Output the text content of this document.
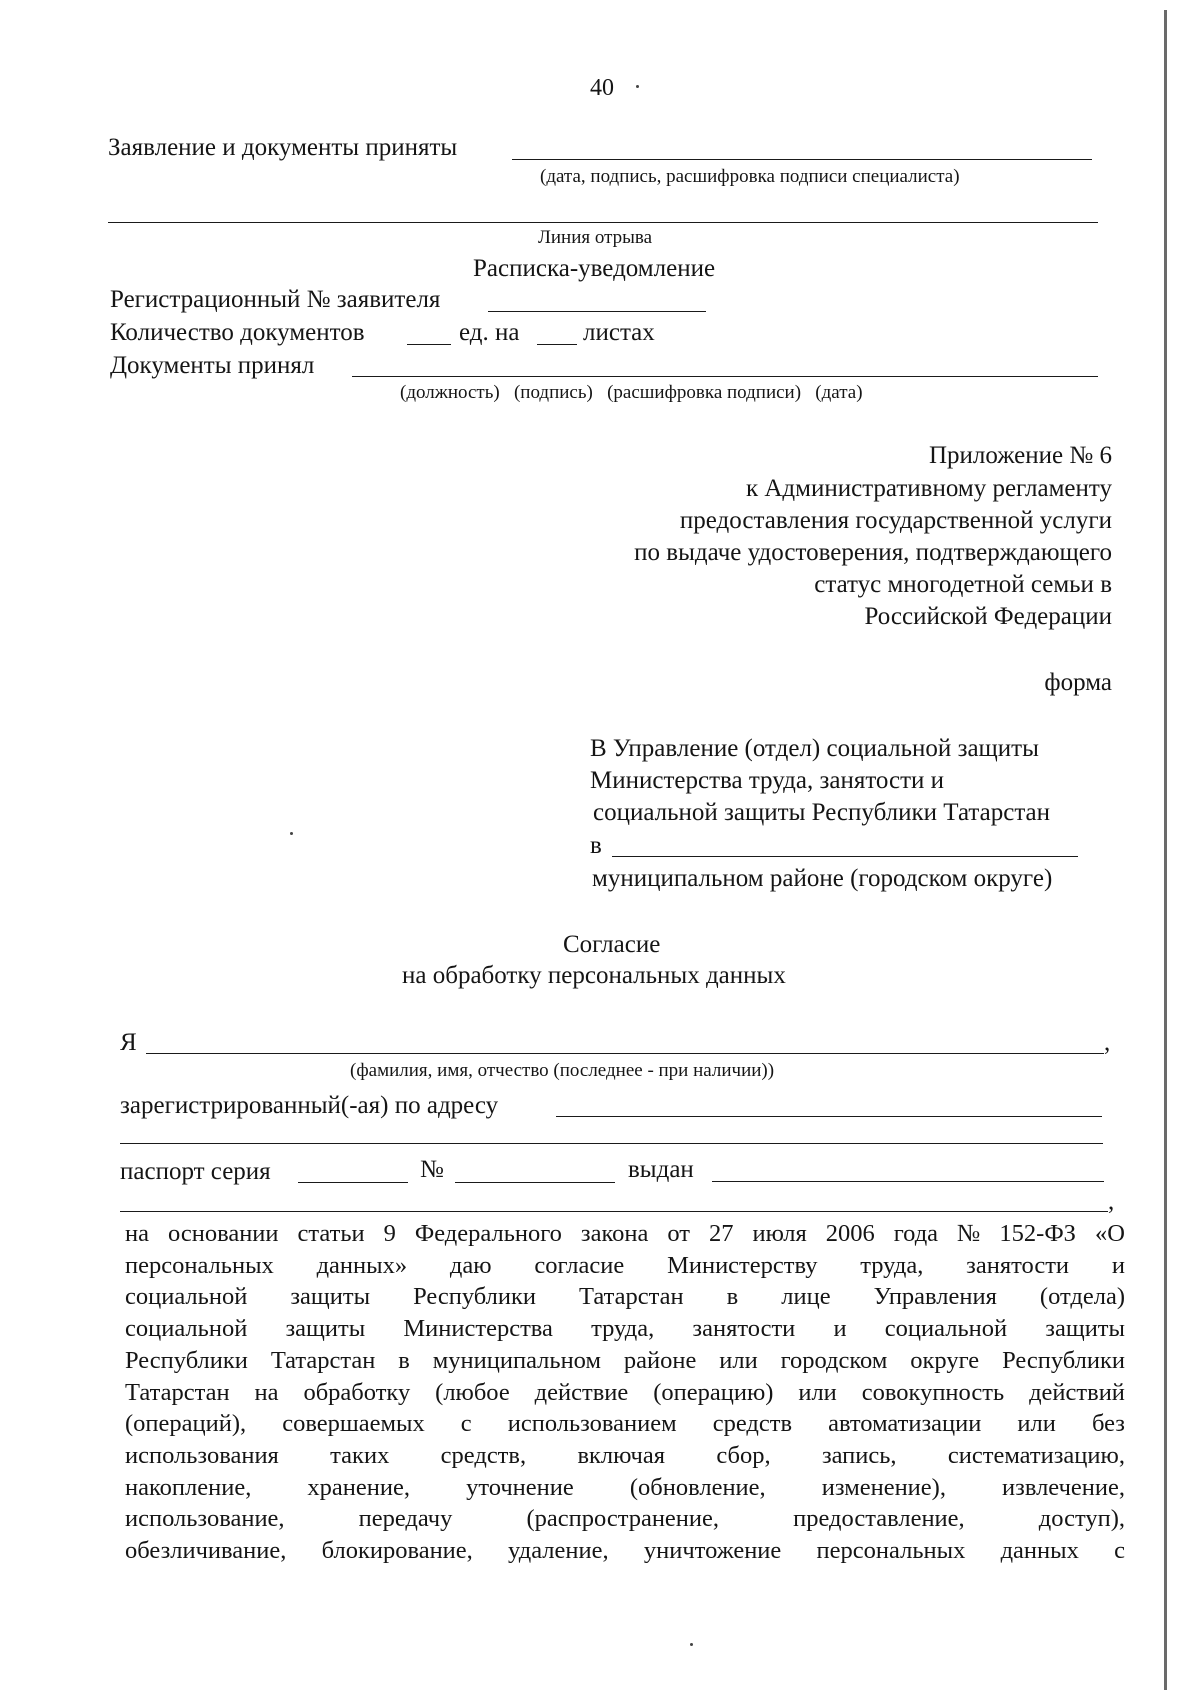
40
Заявление и документы приняты
(дата, подпись, расшифровка подписи специалиста)
Линия отрыва
Расписка-уведомление
Регистрационный № заявителя
Количество документов	ед. на	листах
Документы принял
(должность)   (подпись)   (расшифровка подписи)   (дата)
Приложение № 6
к Административному регламенту
предоставления государственной услуги
по выдаче удостоверения, подтверждающего
статус многодетной семьи в
Российской Федерации
форма
В Управление (отдел) социальной защиты
Министерства труда, занятости и
социальной защиты Республики Татарстан
в
муниципальном районе (городском округе)
Согласие
на обработку персональных данных
Я	,
(фамилия, имя, отчество (последнее - при наличии))
зарегистрированный(-ая) по адресу
паспорт серия	№	выдан
,
на основании статьи 9 Федерального закона от 27 июля 2006 года № 152-ФЗ «О
персональных данных» даю согласие Министерству труда, занятости и
социальной защиты Республики Татарстан в лице Управления (отдела)
социальной защиты Министерства труда, занятости и социальной защиты
Республики Татарстан в муниципальном районе или городском округе Республики
Татарстан на обработку (любое действие (операцию) или совокупность действий
(операций), совершаемых с использованием средств автоматизации или без
использования таких средств, включая сбор, запись, систематизацию,
накопление, хранение, уточнение (обновление, изменение), извлечение,
использование,	передачу	(распространение,	предоставление,	доступ),
обезличивание, блокирование, удаление, уничтожение персональных данных с
